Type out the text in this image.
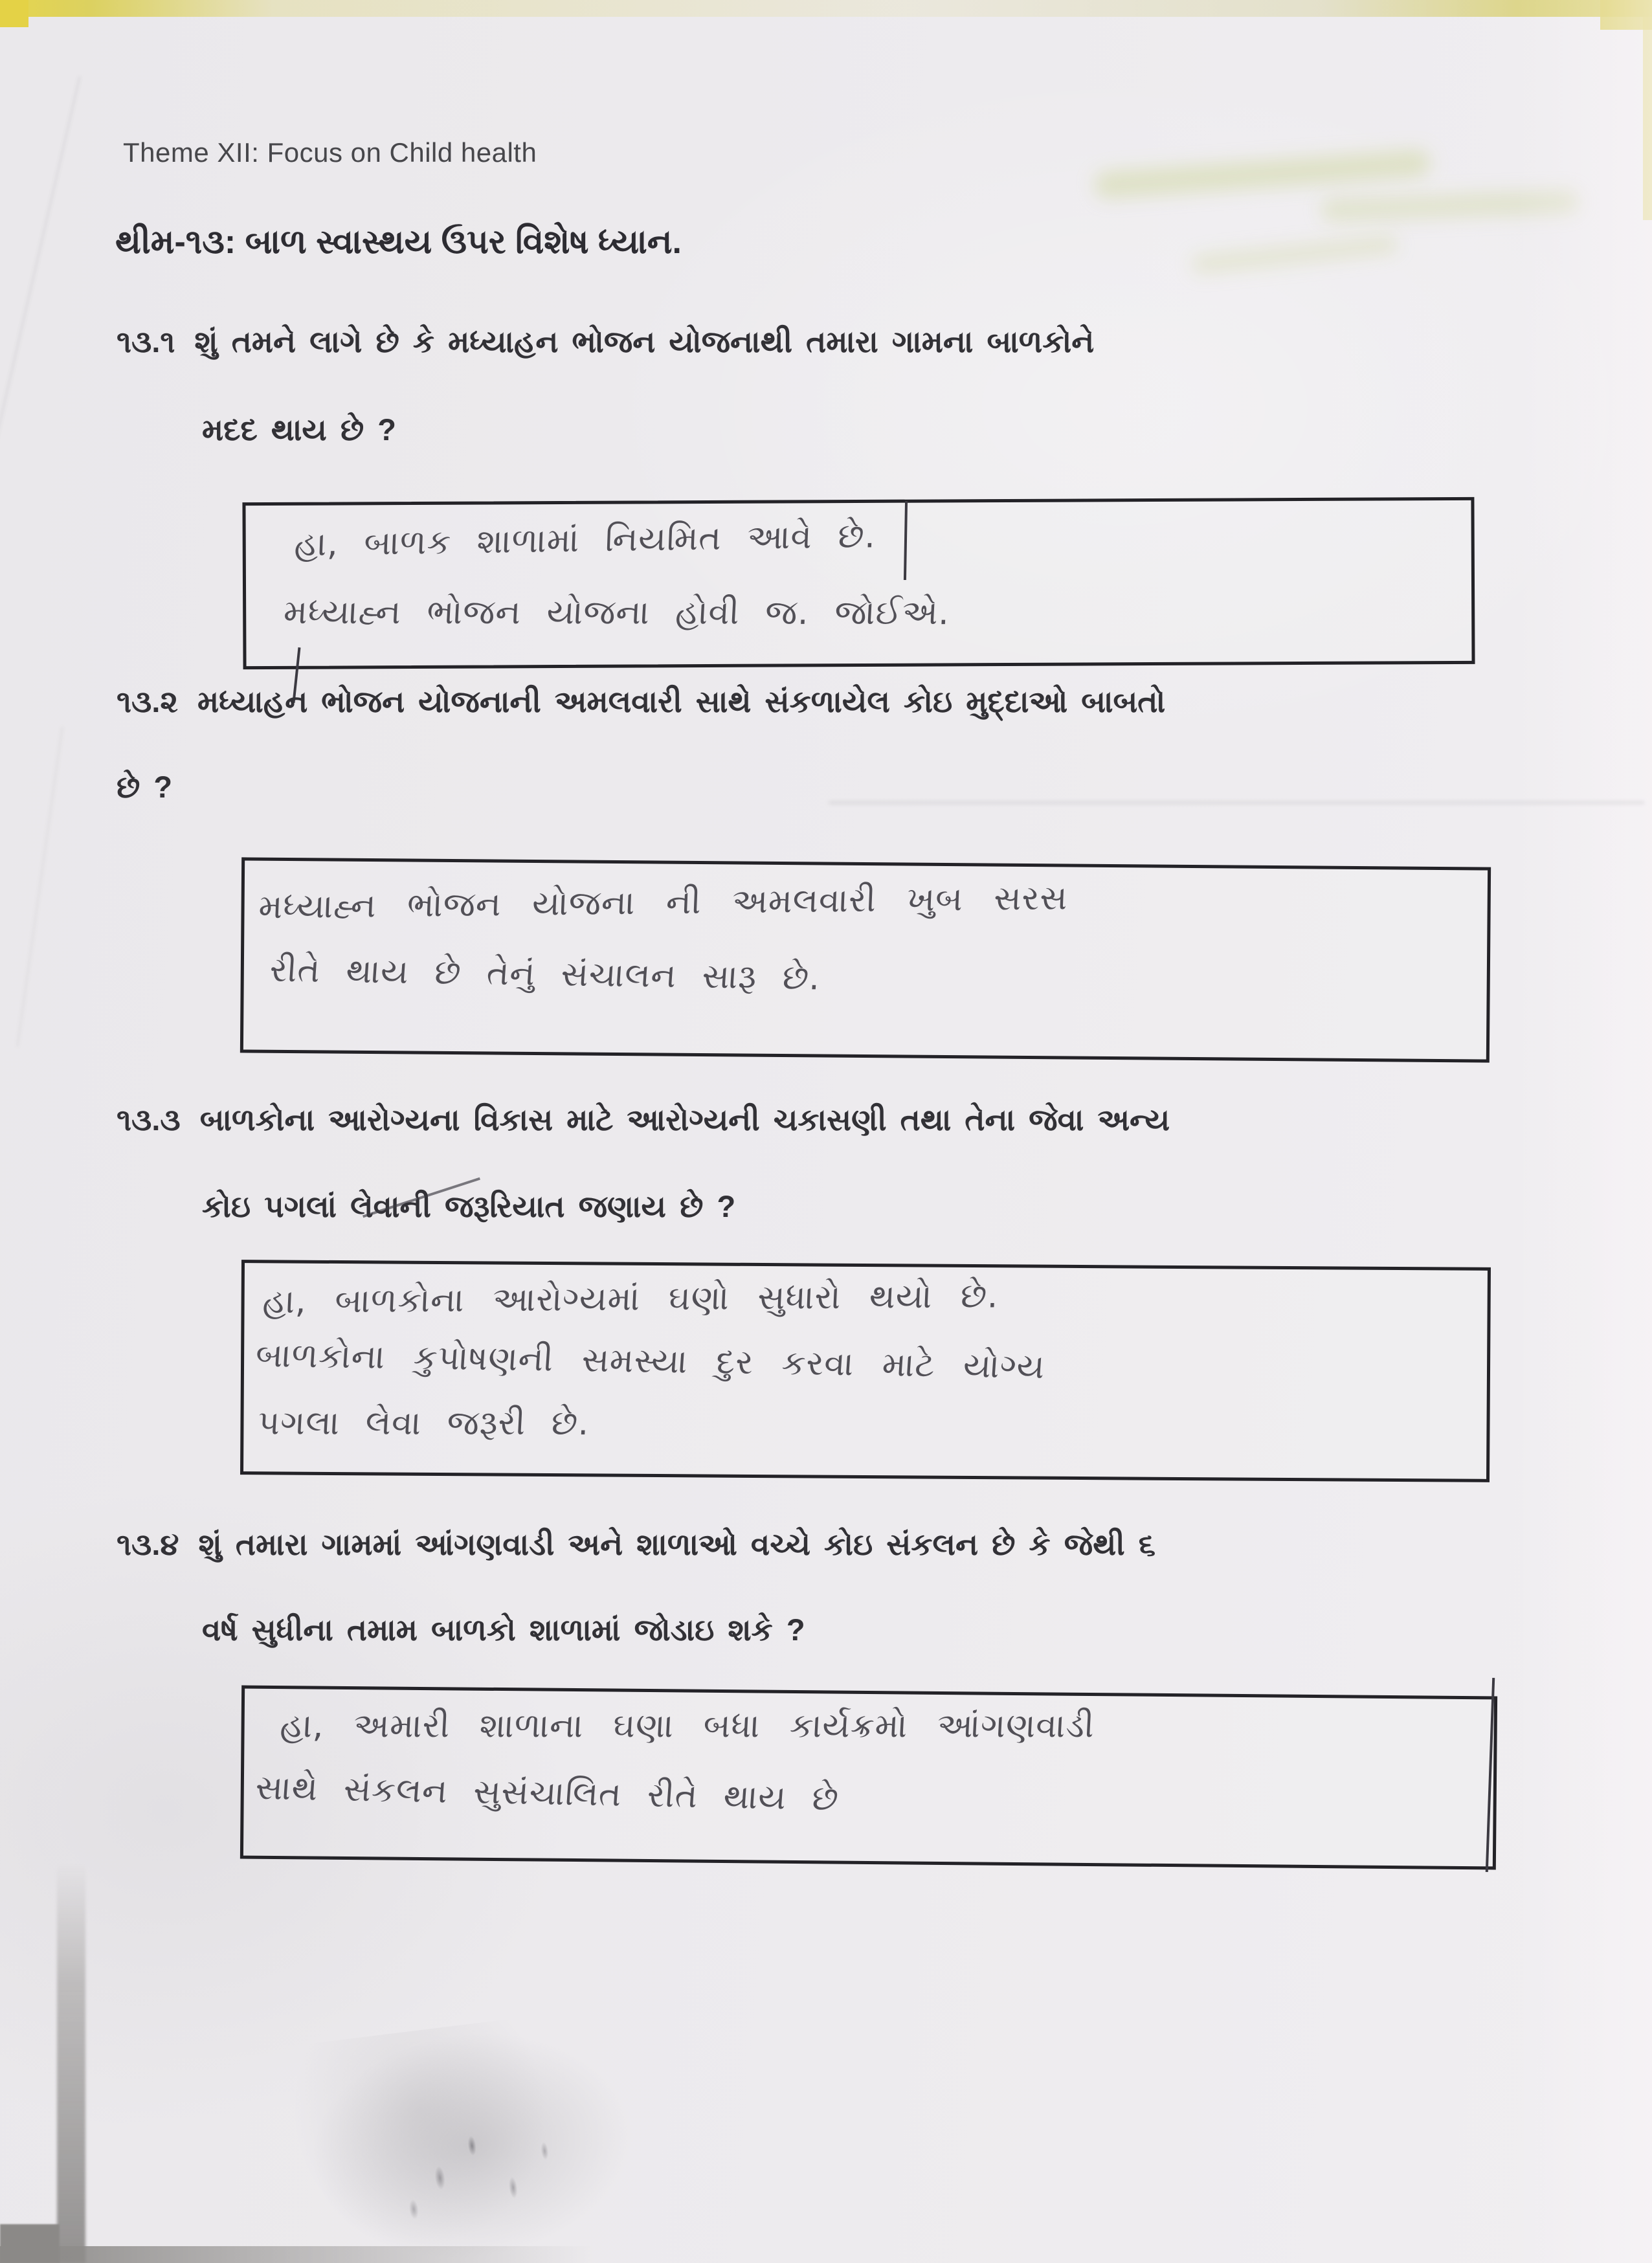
Theme XII: Focus on Child health
થીમ-૧૩: બાળ સ્વાસ્થય ઉપર વિશેષ ધ્યાન.
૧૩.૧ શું તમને લાગે છે કે મધ્યાહન ભોજન યોજનાથી તમારા ગામના બાળકોને
મદદ થાય છે ?
હા, બાળક શાળામાં નિયમિત આવે છે.
મધ્યાહ્ન ભોજન યોજના હોવી જ. જોઈએ.
૧૩.૨ મધ્યાહન ભોજન યોજનાની અમલવારી સાથે સંકળાયેલ કોઇ મુદ્દાઓ બાબતો
છે ?
મધ્યાહ્ન ભોજન યોજના ની અમલવારી ખુબ સરસ
રીતે થાય છે તેનું સંચાલન સારૂ છે.
૧૩.૩ બાળકોના આરોગ્યના વિકાસ માટે આરોગ્યની ચકાસણી તથા તેના જેવા અન્ય
કોઇ પગલાં લેવાની જરૂરિયાત જણાય છે ?
હા, બાળકોના આરોગ્યમાં ઘણો સુધારો થયો છે.
બાળકોના કુપોષણની સમસ્યા દુર કરવા માટે યોગ્ય
પગલા લેવા જરૂરી છે.
૧૩.૪ શું તમારા ગામમાં આંગણવાડી અને શાળાઓ વચ્ચે કોઇ સંકલન છે કે જેથી ૬
વર્ષ સુધીના તમામ બાળકો શાળામાં જોડાઇ શકે ?
હા, અમારી શાળાના ઘણા બધા કાર્યક્રમો આંગણવાડી
સાથે સંકલન સુસંચાલિત રીતે થાય છે
